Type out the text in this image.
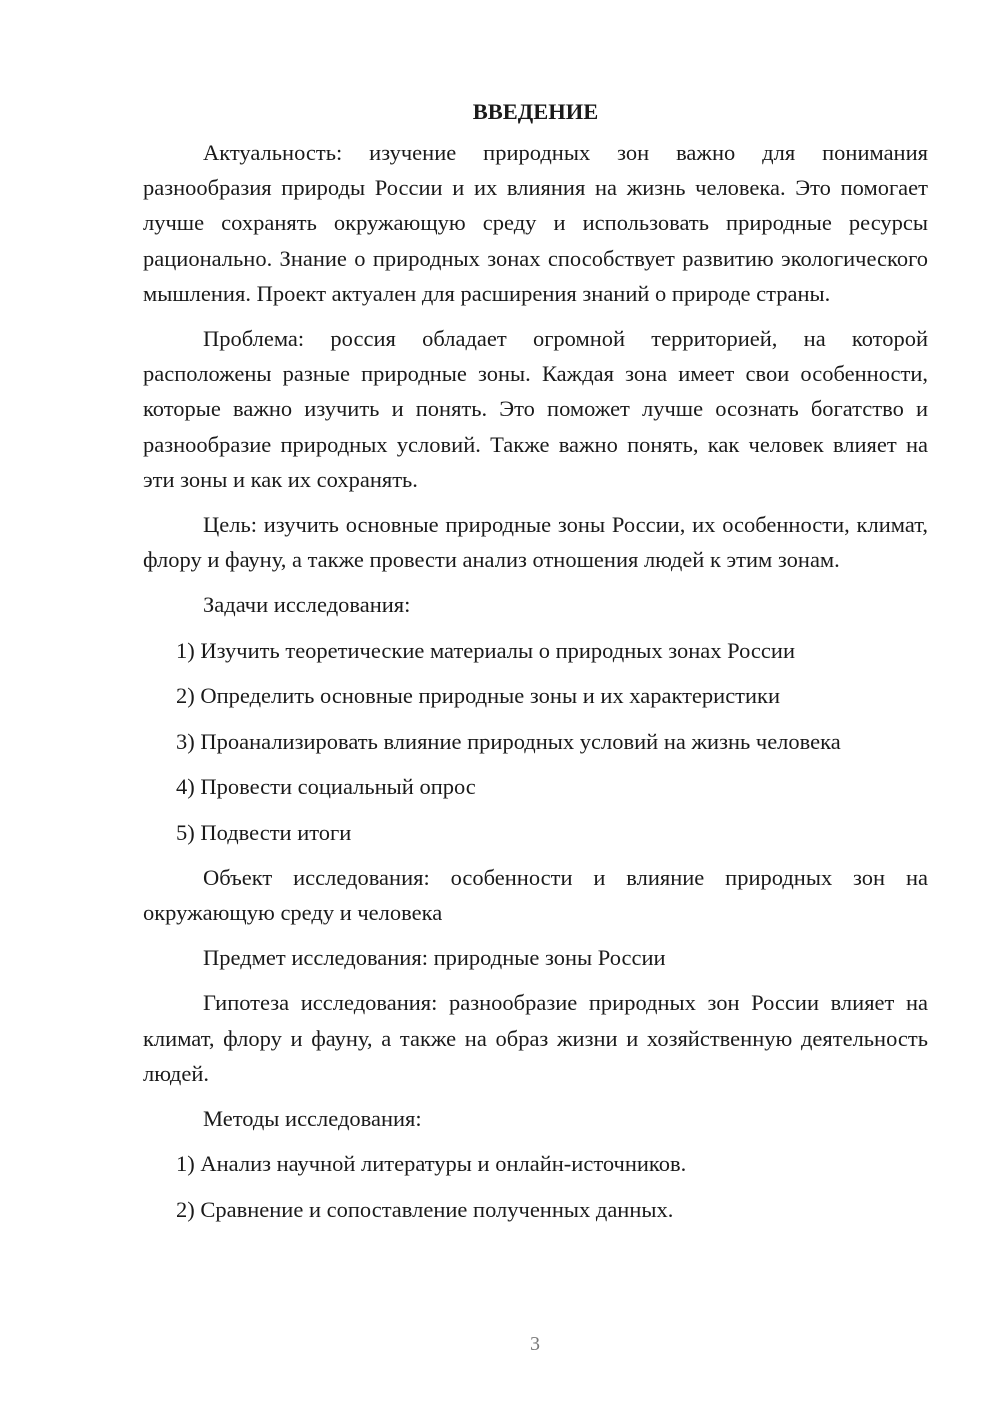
ВВЕДЕНИЕ

Актуальность: изучение природных зон важно для понимания разнообразия природы России и их влияния на жизнь человека. Это помогает лучше сохранять окружающую среду и использовать природные ресурсы рационально. Знание о природных зонах способствует развитию экологического мышления. Проект актуален для расширения знаний о природе страны.

Проблема: россия обладает огромной территорией, на которой расположены разные природные зоны. Каждая зона имеет свои особенности, которые важно изучить и понять. Это поможет лучше осознать богатство и разнообразие природных условий. Также важно понять, как человек влияет на эти зоны и как их сохранять.

Цель: изучить основные природные зоны России, их особенности, климат, флору и фауну, а также провести анализ отношения людей к этим зонам.

Задачи исследования:

1) Изучить теоретические материалы о природных зонах России
2) Определить основные природные зоны и их характеристики
3) Проанализировать влияние природных условий на жизнь человека
4) Провести социальный опрос
5) Подвести итоги

Объект исследования: особенности и влияние природных зон на окружающую среду и человека

Предмет исследования: природные зоны России

Гипотеза исследования: разнообразие природных зон России влияет на климат, флору и фауну, а также на образ жизни и хозяйственную деятельность людей.

Методы исследования:

1) Анализ научной литературы и онлайн-источников.
2) Сравнение и сопоставление полученных данных.
3
